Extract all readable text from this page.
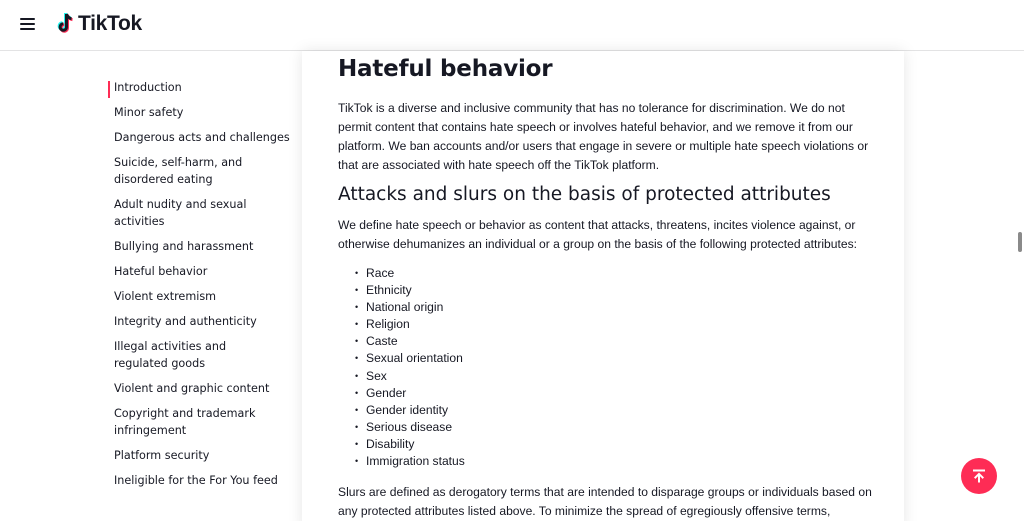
TikTok
Introduction
Minor safety
Dangerous acts and challenges
Suicide, self-harm, and disordered eating
Adult nudity and sexual activities
Bullying and harassment
Hateful behavior
Violent extremism
Integrity and authenticity
Illegal activities and regulated goods
Violent and graphic content
Copyright and trademark infringement
Platform security
Ineligible for the For You feed
Hateful behavior

TikTok is a diverse and inclusive community that has no tolerance for discrimination. We do not permit content that contains hate speech or involves hateful behavior, and we remove it from our platform. We ban accounts and/or users that engage in severe or multiple hate speech violations or that are associated with hate speech off the TikTok platform.

Attacks and slurs on the basis of protected attributes

We define hate speech or behavior as content that attacks, threatens, incites violence against, or otherwise dehumanizes an individual or a group on the basis of the following protected attributes:

• Race
• Ethnicity
• National origin
• Religion
• Caste
• Sexual orientation
• Sex
• Gender
• Gender identity
• Serious disease
• Disability
• Immigration status

Slurs are defined as derogatory terms that are intended to disparage groups or individuals based on any protected attributes listed above. To minimize the spread of egregiously offensive terms,
